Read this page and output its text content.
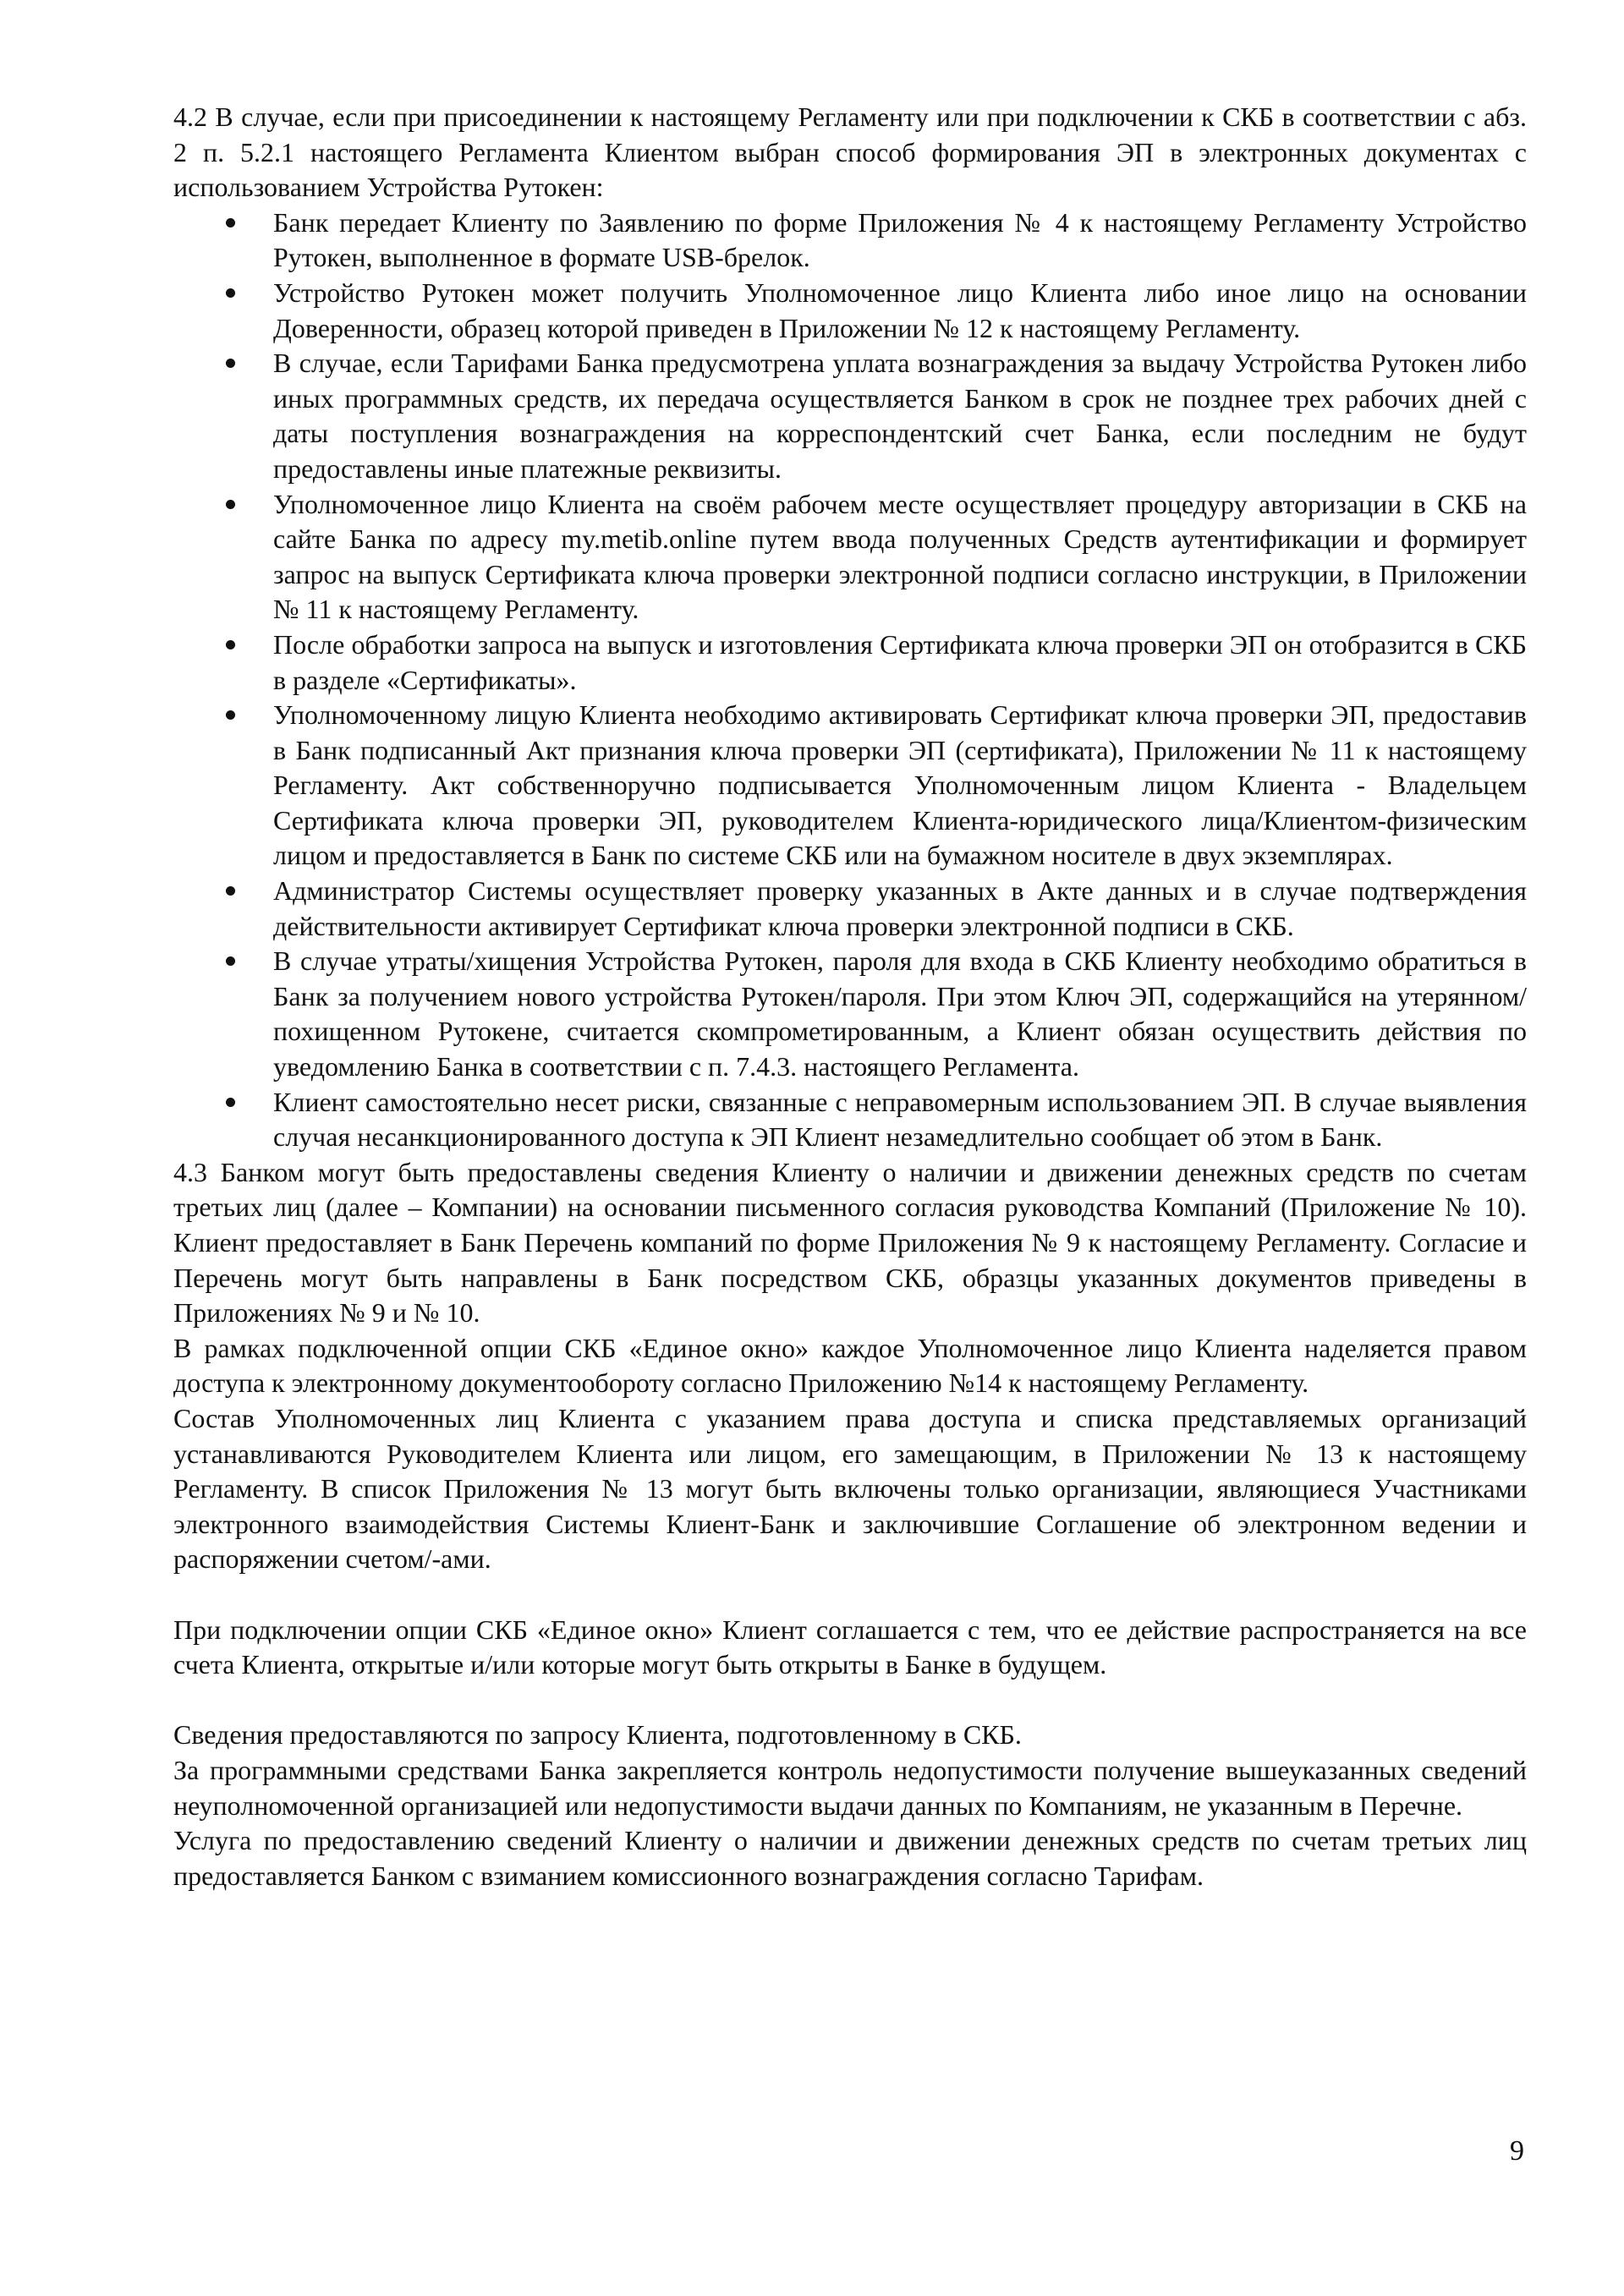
4.2 В случае, если при присоединении к настоящему Регламенту или при подключении к СКБ в соответствии с абз. 2 п. 5.2.1 настоящего Регламента Клиентом выбран способ формирования ЭП в электронных документах с использованием Устройства Рутокен:

Банк передает Клиенту по Заявлению по форме Приложения № 4 к настоящему Регламенту Устройство Рутокен, выполненное в формате USB-брелок.
Устройство Рутокен может получить Уполномоченное лицо Клиента либо иное лицо на основании Доверенности, образец которой приведен в Приложении № 12 к настоящему Регламенту.
В случае, если Тарифами Банка предусмотрена уплата вознаграждения за выдачу Устройства Рутокен либо иных программных средств, их передача осуществляется Банком в срок не позднее трех рабочих дней с даты поступления вознаграждения на корреспондентский счет Банка, если последним не будут предоставлены иные платежные реквизиты.
Уполномоченное лицо Клиента на своём рабочем месте осуществляет процедуру авторизации в СКБ на сайте Банка по адресу my.metib.online путем ввода полученных Средств аутентификации и формирует запрос на выпуск Сертификата ключа проверки электронной подписи согласно инструкции, в Приложении № 11 к настоящему Регламенту.
После обработки запроса на выпуск и изготовления Сертификата ключа проверки ЭП он отобразится в СКБ в разделе «Сертификаты».
Уполномоченному лицую Клиента необходимо активировать Сертификат ключа проверки ЭП, предоставив в Банк подписанный Акт признания ключа проверки ЭП (сертификата), Приложении № 11 к настоящему Регламенту. Акт собственноручно подписывается Уполномоченным лицом Клиента - Владельцем Сертификата ключа проверки ЭП, руководителем Клиента-юридического лица/Клиентом-физическим лицом и предоставляется в Банк по системе СКБ или на бумажном носителе в двух экземплярах.
Администратор Системы осуществляет проверку указанных в Акте данных и в случае подтверждения действительности активирует Сертификат ключа проверки электронной подписи в СКБ.
В случае утраты/хищения Устройства Рутокен, пароля для входа в СКБ Клиенту необходимо обратиться в Банк за получением нового устройства Рутокен/пароля. При этом Ключ ЭП, содержащийся на утерянном/похищенном Рутокене, считается скомпрометированным, а Клиент обязан осуществить действия по уведомлению Банка в соответствии с п. 7.4.3. настоящего Регламента.
Клиент самостоятельно несет риски, связанные с неправомерным использованием ЭП. В случае выявления случая несанкционированного доступа к ЭП Клиент незамедлительно сообщает об этом в Банк.

4.3 Банком могут быть предоставлены сведения Клиенту о наличии и движении денежных средств по счетам третьих лиц (далее – Компании) на основании письменного согласия руководства Компаний (Приложение № 10). Клиент предоставляет в Банк Перечень компаний по форме Приложения № 9 к настоящему Регламенту. Согласие и Перечень могут быть направлены в Банк посредством СКБ, образцы указанных документов приведены в Приложениях № 9 и № 10.

В рамках подключенной опции СКБ «Единое окно» каждое Уполномоченное лицо Клиента наделяется правом доступа к электронному документообороту согласно Приложению №14 к настоящему Регламенту.

Состав Уполномоченных лиц Клиента с указанием права доступа и списка представляемых организаций устанавливаются Руководителем Клиента или лицом, его замещающим, в Приложении № 13 к настоящему Регламенту. В список Приложения № 13 могут быть включены только организации, являющиеся Участниками электронного взаимодействия Системы Клиент-Банк и заключившие Соглашение об электронном ведении и распоряжении счетом/-ами.

При подключении опции СКБ «Единое окно» Клиент соглашается с тем, что ее действие распространяется на все счета Клиента, открытые и/или которые могут быть открыты в Банке в будущем.

Сведения предоставляются по запросу Клиента, подготовленному в СКБ.

За программными средствами Банка закрепляется контроль недопустимости получение вышеуказанных сведений неуполномоченной организацией или недопустимости выдачи данных по Компаниям, не указанным в Перечне.

Услуга по предоставлению сведений Клиенту о наличии и движении денежных средств по счетам третьих лиц предоставляется Банком с взиманием комиссионного вознаграждения согласно Тарифам.

9
